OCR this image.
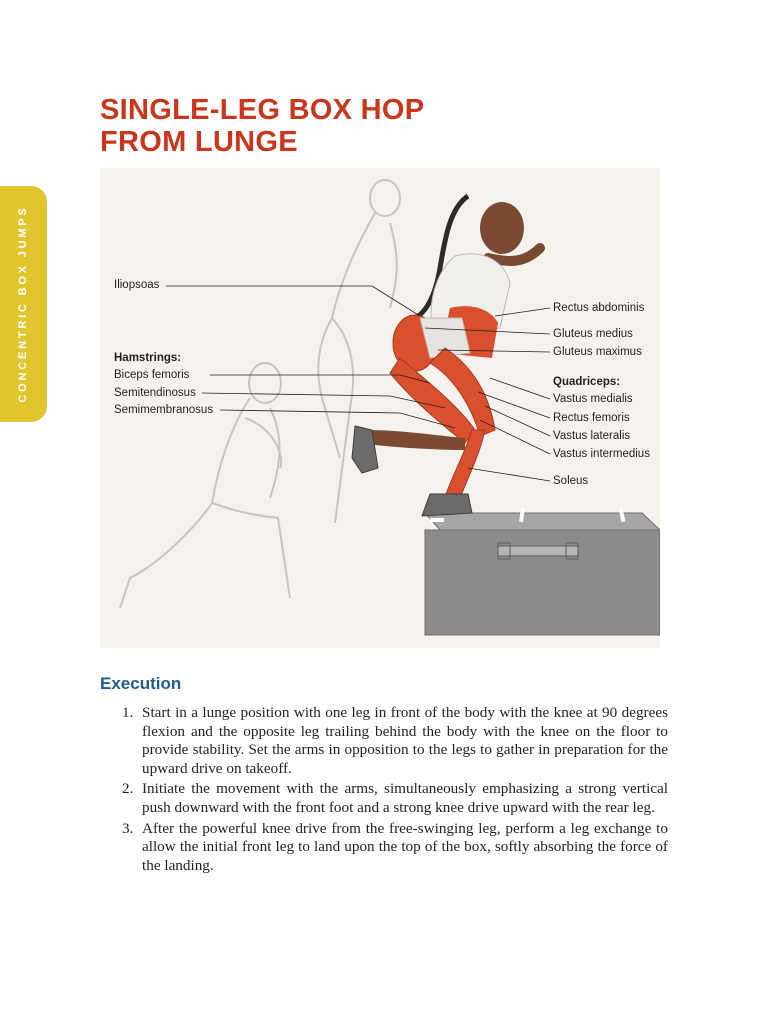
CONCENTRIC BOX JUMPS
SINGLE-LEG BOX HOP
FROM LUNGE
Iliopsoas
Hamstrings:
Biceps femoris
Semitendinosus
Semimembranosus
Rectus abdominis
Gluteus medius
Gluteus maximus
Quadriceps:
Vastus medialis
Rectus femoris
Vastus lateralis
Vastus intermedius
Soleus
Execution
1. Start in a lunge position with one leg in front of the body with the knee at 90 degrees flexion and the opposite leg trailing behind the body with the knee on the floor to provide stability. Set the arms in opposition to the legs to gather in preparation for the upward drive on takeoff.
2. Initiate the movement with the arms, simultaneously emphasizing a strong vertical push downward with the front foot and a strong knee drive upward with the rear leg.
3. After the powerful knee drive from the free-swinging leg, perform a leg exchange to allow the initial front leg to land upon the top of the box, softly absorbing the force of the landing.
